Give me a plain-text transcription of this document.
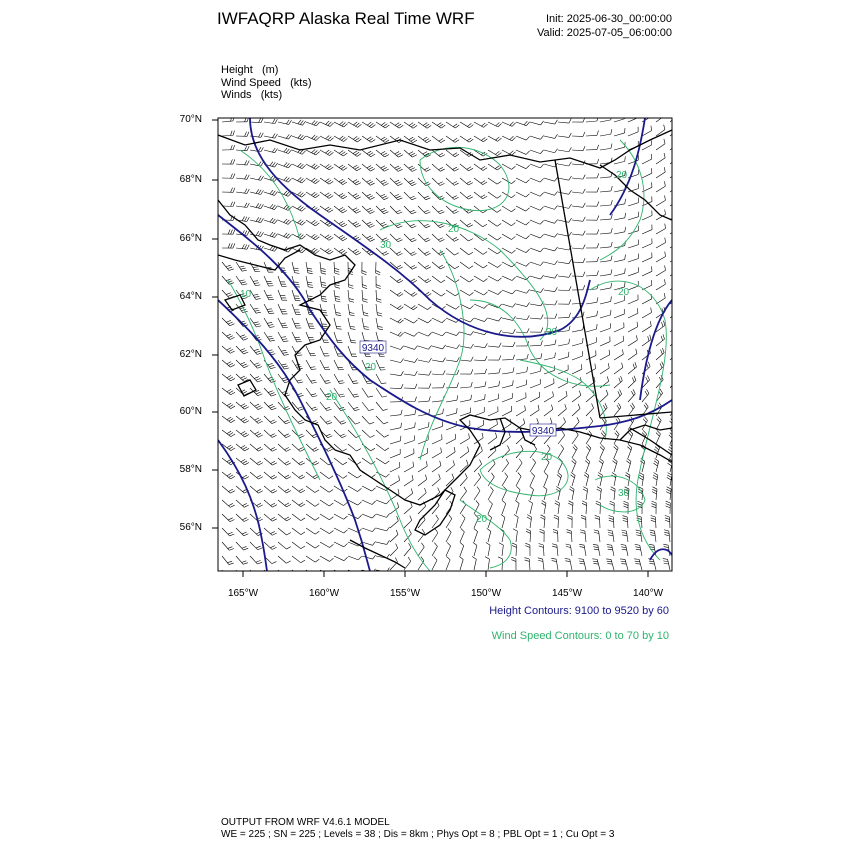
IWFAQRP Alaska Real Time WRF	Init: 2025-06-30_00:00:00
Valid: 2025-07-05_06:00:00
Height   (m)
Wind Speed   (kts)
Winds   (kts)
9340
9340
30
20
20
20
20
20
20
20
30
20
10
70°N
68°N
66°N
64°N
62°N
60°N
58°N
56°N
165°W	160°W	155°W	150°W	145°W	140°W
Height Contours: 9100 to 9520 by 60
Wind Speed Contours: 0 to 70 by 10
OUTPUT FROM WRF V4.6.1 MODEL
WE = 225 ; SN = 225 ; Levels = 38 ; Dis = 8km ; Phys Opt = 8 ; PBL Opt = 1 ; Cu Opt = 3
